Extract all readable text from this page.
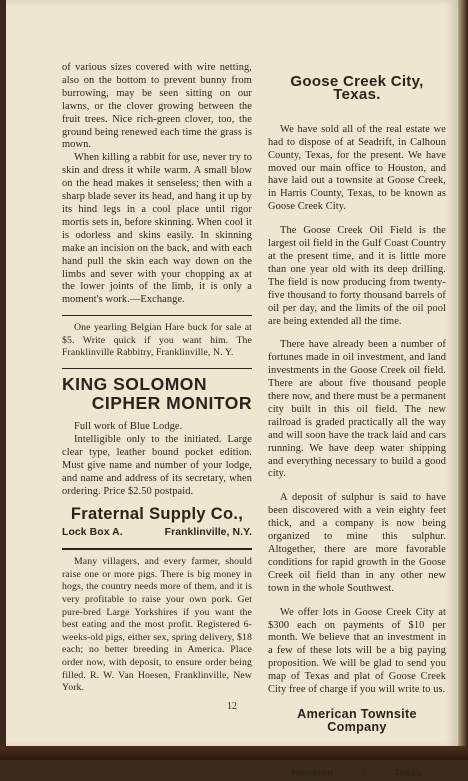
of various sizes covered with wire netting, also on the bottom to prevent bunny from burrowing, may be seen sitting on our lawns, or the clover growing between the fruit trees. Nice rich-green clover, too, the ground being renewed each time the grass is mown.

When killing a rabbit for use, never try to skin and dress it while warm. A small blow on the head makes it senseless; then with a sharp blade sever its head, and hang it up by its hind legs in a cool place until rigor mortis sets in, before skinning. When cool it is odorless and skins easily. In skinning make an incision on the back, and with each hand pull the skin each way down on the limbs and sever with your chopping ax at the lower joints of the limb, it is only a moment's work.—Exchange.

One yearling Belgian Hare buck for sale at $5. Write quick if you want him. The Franklinville Rabbitry, Franklinville, N. Y.

KING SOLOMON
CIPHER MONITOR

Full work of Blue Lodge.

Intelligible only to the initiated. Large clear type, leather bound pocket edition. Must give name and number of your lodge, and name and address of its secretary, when ordering. Price $2.50 postpaid.

Fraternal Supply Co.,
Lock Box A.	Franklinville, N.Y.

Many villagers, and every farmer, should raise one or more pigs. There is big money in hogs, the country needs more of them, and it is very profitable to raise your own pork. Get pure-bred Large Yorkshires if you want the best eating and the most profit. Registered 6-weeks-old pigs, either sex, spring delivery, $18 each; no better breeding in America. Place order now, with deposit, to ensure order being filled. R. W. Van Hoesen, Franklinville, New York.

Goose Creek City, Texas.

We have sold all of the real estate we had to dispose of at Seadrift, in Calhoun County, Texas, for the present. We have moved our main office to Houston, and have laid out a townsite at Goose Creek, in Harris County, Texas, to be known as Goose Creek City.

The Goose Creek Oil Field is the largest oil field in the Gulf Coast Country at the present time, and it is little more than one year old with its deep drilling. The field is now producing from twenty-five thousand to forty thousand barrels of oil per day, and the limits of the oil pool are being extended all the time.

There have already been a number of fortunes made in oil investment, and land investments in the Goose Creek oil field. There are about five thousand people there now, and there must be a permanent city built in this oil field. The new railroad is graded practically all the way and will soon have the track laid and cars running. We have deep water shipping and everything necessary to build a good city.

A deposit of sulphur is said to have been discovered with a vein eighty feet thick, and a company is now being organized to mine this sulphur. Altogether, there are more favorable conditions for rapid growth in the Goose Creek oil field than in any other new town in the whole Southwest.

We offer lots in Goose Creek City at $300 each on payments of $10 per month. We believe that an investment in a few of these lots will be a big paying proposition. We will be glad to send you map of Texas and plat of Goose Creek City free of charge if you will write to us.

American Townsite Company
1010 Rusk Ave.
12
